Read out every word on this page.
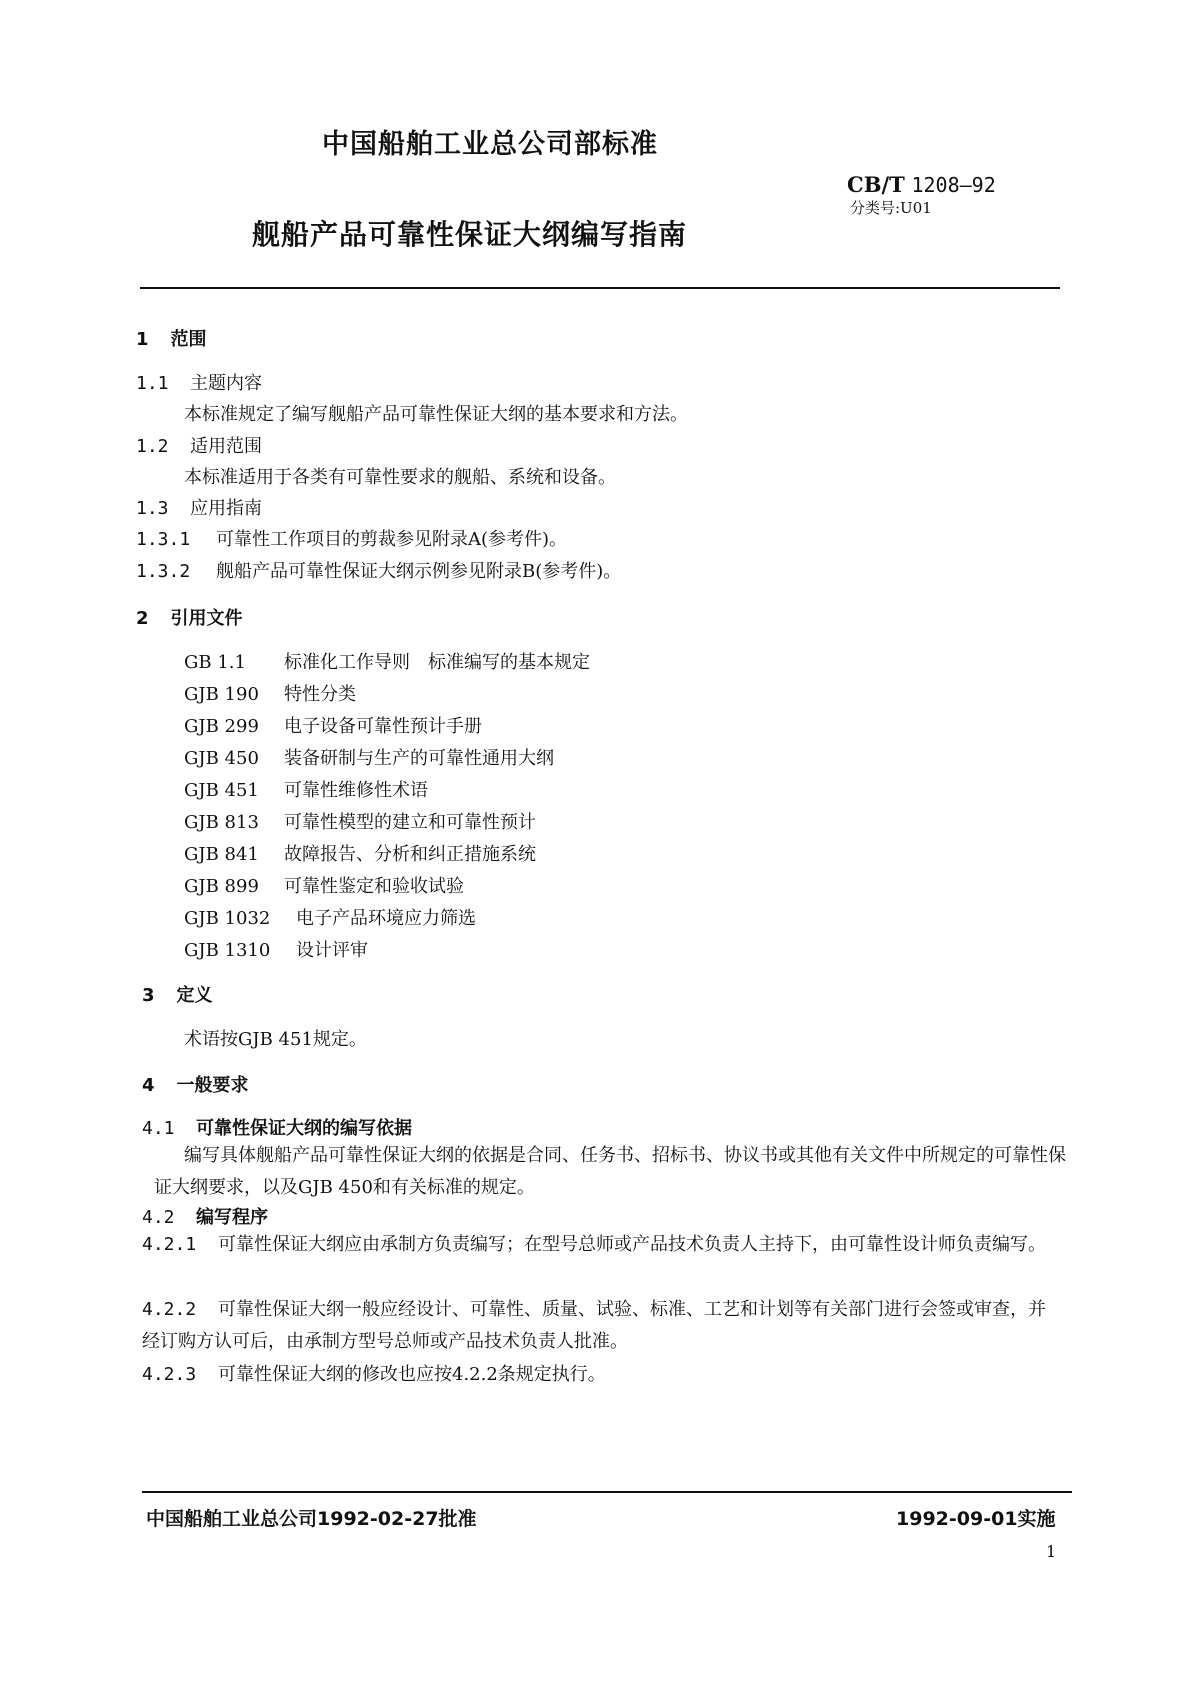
中国船舶工业总公司部标准
CB/T 1208—92
分类号:U01
舰船产品可靠性保证大纲编写指南
1 范围
1.1 主题内容
本标准规定了编写舰船产品可靠性保证大纲的基本要求和方法。
1.2 适用范围
本标准适用于各类有可靠性要求的舰船、系统和设备。
1.3 应用指南
1.3.1 可靠性工作项目的剪裁参见附录A(参考件)。
1.3.2 舰船产品可靠性保证大纲示例参见附录B(参考件)。
2 引用文件
GB 1.1 标准化工作导则　标准编写的基本规定
GJB 190 特性分类
GJB 299 电子设备可靠性预计手册
GJB 450 装备研制与生产的可靠性通用大纲
GJB 451 可靠性维修性术语
GJB 813 可靠性模型的建立和可靠性预计
GJB 841 故障报告、分析和纠正措施系统
GJB 899 可靠性鉴定和验收试验
GJB 1032 电子产品环境应力筛选
GJB 1310 设计评审
3 定义
术语按GJB 451规定。
4 一般要求
4.1 可靠性保证大纲的编写依据
编写具体舰船产品可靠性保证大纲的依据是合同、任务书、招标书、协议书或其他有关文件中所规定的可靠性保证大纲要求，以及GJB 450和有关标准的规定。
4.2 编写程序
4.2.1 可靠性保证大纲应由承制方负责编写；在型号总师或产品技术负责人主持下，由可靠性设计师负责编写。
4.2.2 可靠性保证大纲一般应经设计、可靠性、质量、试验、标准、工艺和计划等有关部门进行会签或审查，并经订购方认可后，由承制方型号总师或产品技术负责人批准。
4.2.3 可靠性保证大纲的修改也应按4.2.2条规定执行。
中国船舶工业总公司1992-02-27批准	1992-09-01实施
1
